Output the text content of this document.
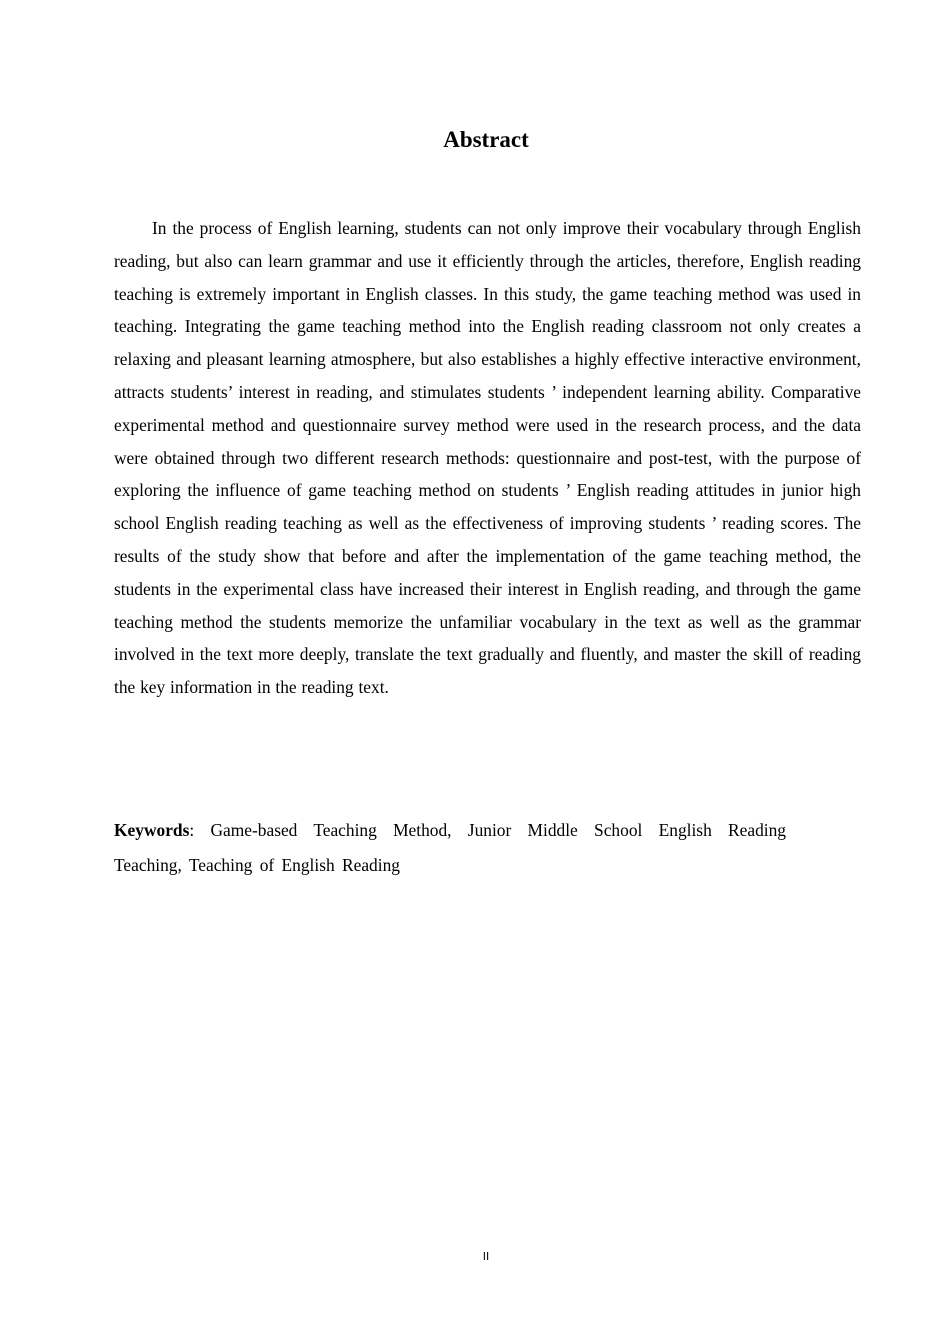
Abstract

In the process of English learning, students can not only improve their vocabulary through English reading, but also can learn grammar and use it efficiently through the articles, therefore, English reading teaching is extremely important in English classes. In this study, the game teaching method was used in teaching. Integrating the game teaching method into the English reading classroom not only creates a relaxing and pleasant learning atmosphere, but also establishes a highly effective interactive environment, attracts students’ interest in reading, and stimulates students ’ independent learning ability. Comparative experimental method and questionnaire survey method were used in the research process, and the data were obtained through two different research methods: questionnaire and post-test, with the purpose of exploring the influence of game teaching method on students ’ English reading attitudes in junior high school English reading teaching as well as the effectiveness of improving students ’ reading scores. The results of the study show that before and after the implementation of the game teaching method, the students in the experimental class have increased their interest in English reading, and through the game teaching method the students memorize the unfamiliar vocabulary in the text as well as the grammar involved in the text more deeply, translate the text gradually and fluently, and master the skill of reading the key information in the reading text.

Keywords: Game-based Teaching Method, Junior Middle School English Reading Teaching, Teaching of English Reading

II
